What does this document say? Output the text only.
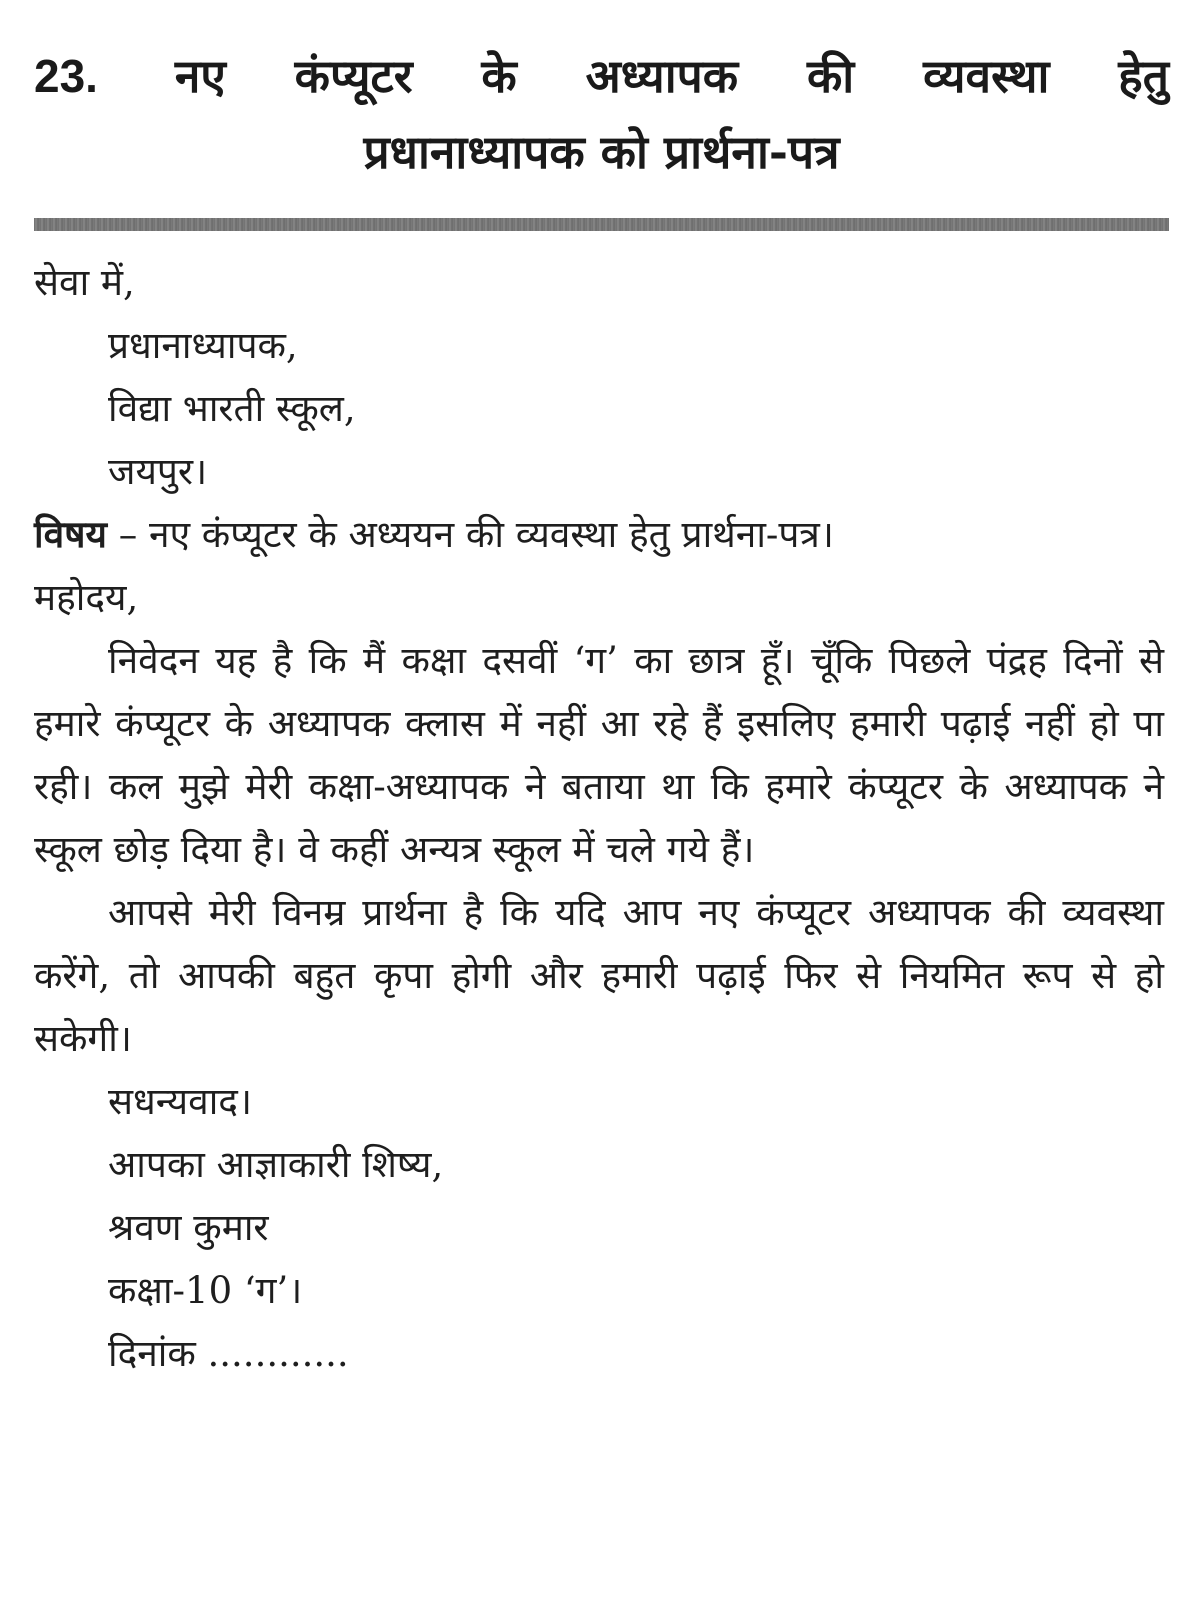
23. नए कंप्यूटर के अध्यापक की व्यवस्था हेतु
प्रधानाध्यापक को प्रार्थना-पत्र
सेवा में,
प्रधानाध्यापक,
विद्या भारती स्कूल,
जयपुर।
विषय – नए कंप्यूटर के अध्ययन की व्यवस्था हेतु प्रार्थना-पत्र।
महोदय,

निवेदन यह है कि मैं कक्षा दसवीं ‘ग’ का छात्र हूँ। चूँकि पिछले पंद्रह दिनों से हमारे कंप्यूटर के अध्यापक क्लास में नहीं आ रहे हैं इसलिए हमारी पढ़ाई नहीं हो पा रही। कल मुझे मेरी कक्षा-अध्यापक ने बताया था कि हमारे कंप्यूटर के अध्यापक ने स्कूल छोड़ दिया है। वे कहीं अन्यत्र स्कूल में चले गये हैं।

आपसे मेरी विनम्र प्रार्थना है कि यदि आप नए कंप्यूटर अध्यापक की व्यवस्था करेंगे, तो आपकी बहुत कृपा होगी और हमारी पढ़ाई फिर से नियमित रूप से हो सकेगी।

सधन्यवाद।
आपका आज्ञाकारी शिष्य,
श्रवण कुमार
कक्षा-10 ‘ग’।
दिनांक ............
